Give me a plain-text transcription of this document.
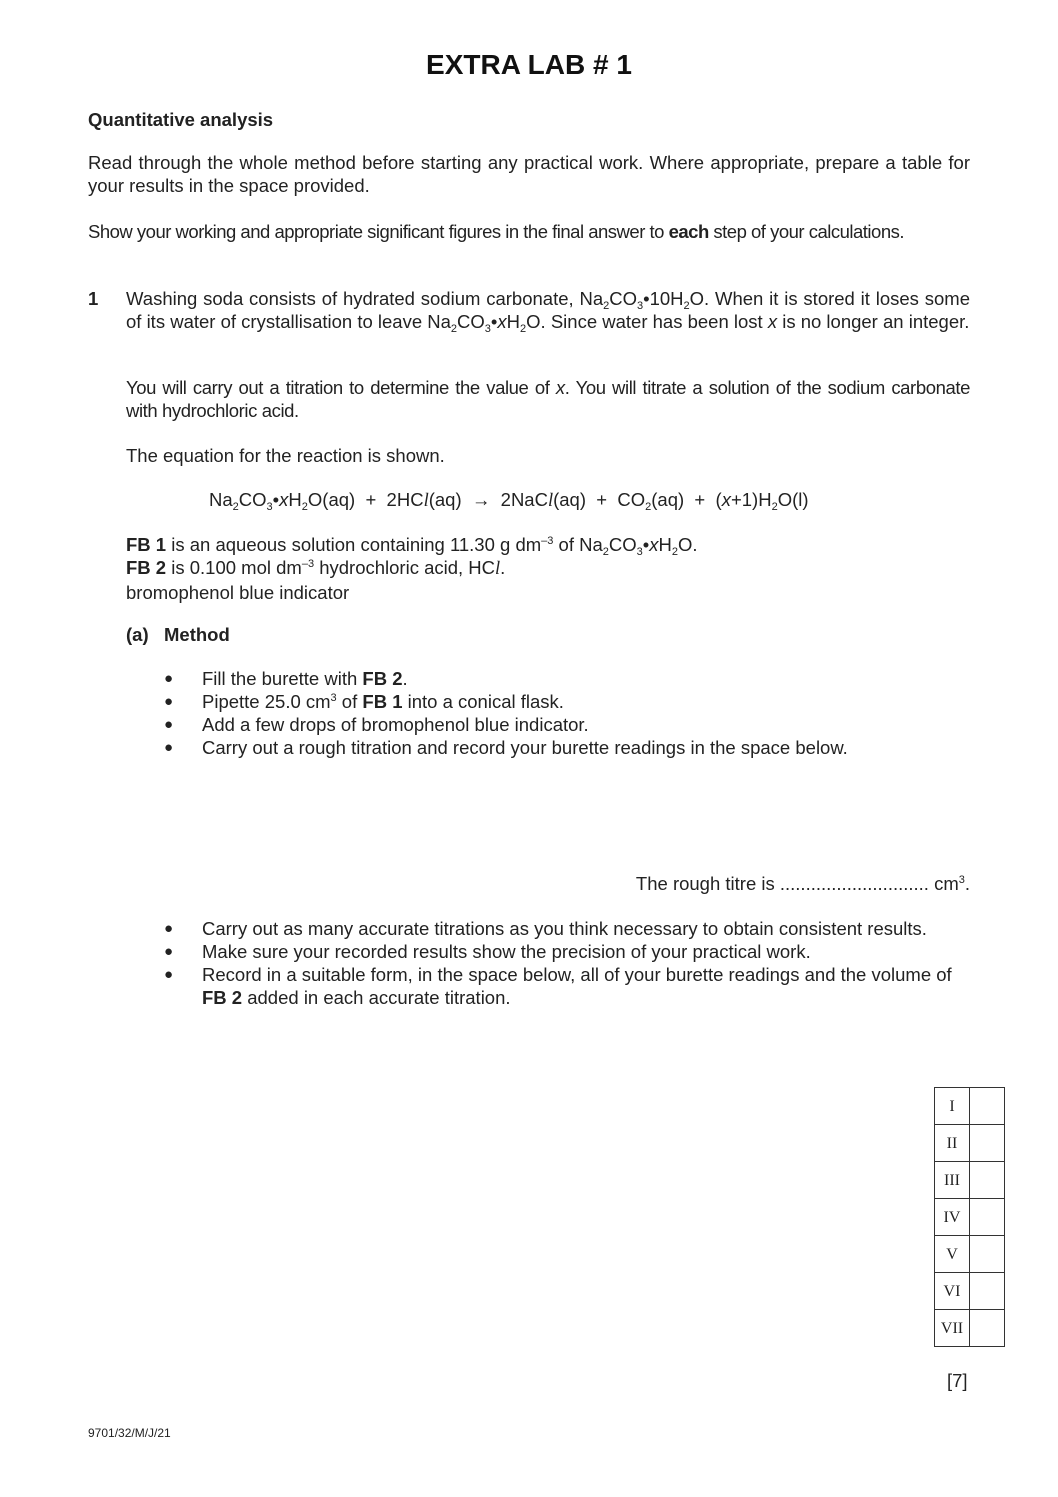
EXTRA LAB # 1
Quantitative analysis
Read through the whole method before starting any practical work. Where appropriate, prepare a table for your results in the space provided.
Show your working and appropriate significant figures in the final answer to each step of your calculations.
1 Washing soda consists of hydrated sodium carbonate, $Na_2CO_3•10H_2O$. When it is stored it loses some of its water of crystallisation to leave $Na_2CO_3•xH_2O$. Since water has been lost x is no longer an integer.
You will carry out a titration to determine the value of x. You will titrate a solution of the sodium carbonate with hydrochloric acid.
The equation for the reaction is shown.
$Na_2CO_3•xH_2O(aq) + 2HCl(aq)$  →  2NaCl(aq)  +  $CO_2(aq) + (x+1)H_2O(l)$
FB 1 is an aqueous solution containing 11.30 g $dm^{-3}$ of $Na_2CO_3•xH_2O$.
FB 2 is 0.100 mol $dm^{-3}$ hydrochloric acid, HCl.
bromophenol blue indicator
(a) Method
● Fill the burette with FB 2.
● Pipette 25.0 $cm^3$ of FB 1 into a conical flask.
● Add a few drops of bromophenol blue indicator.
● Carry out a rough titration and record your burette readings in the space below.
The rough titre is ............................. $cm^3$.
● Carry out as many accurate titrations as you think necessary to obtain consistent results.
● Make sure your recorded results show the precision of your practical work.
● Record in a suitable form, in the space below, all of your burette readings and the volume of FB 2 added in each accurate titration.
I	
II	
III	
IV	
V	
VI	
VII	
[7]
9701/32/M/J/21
